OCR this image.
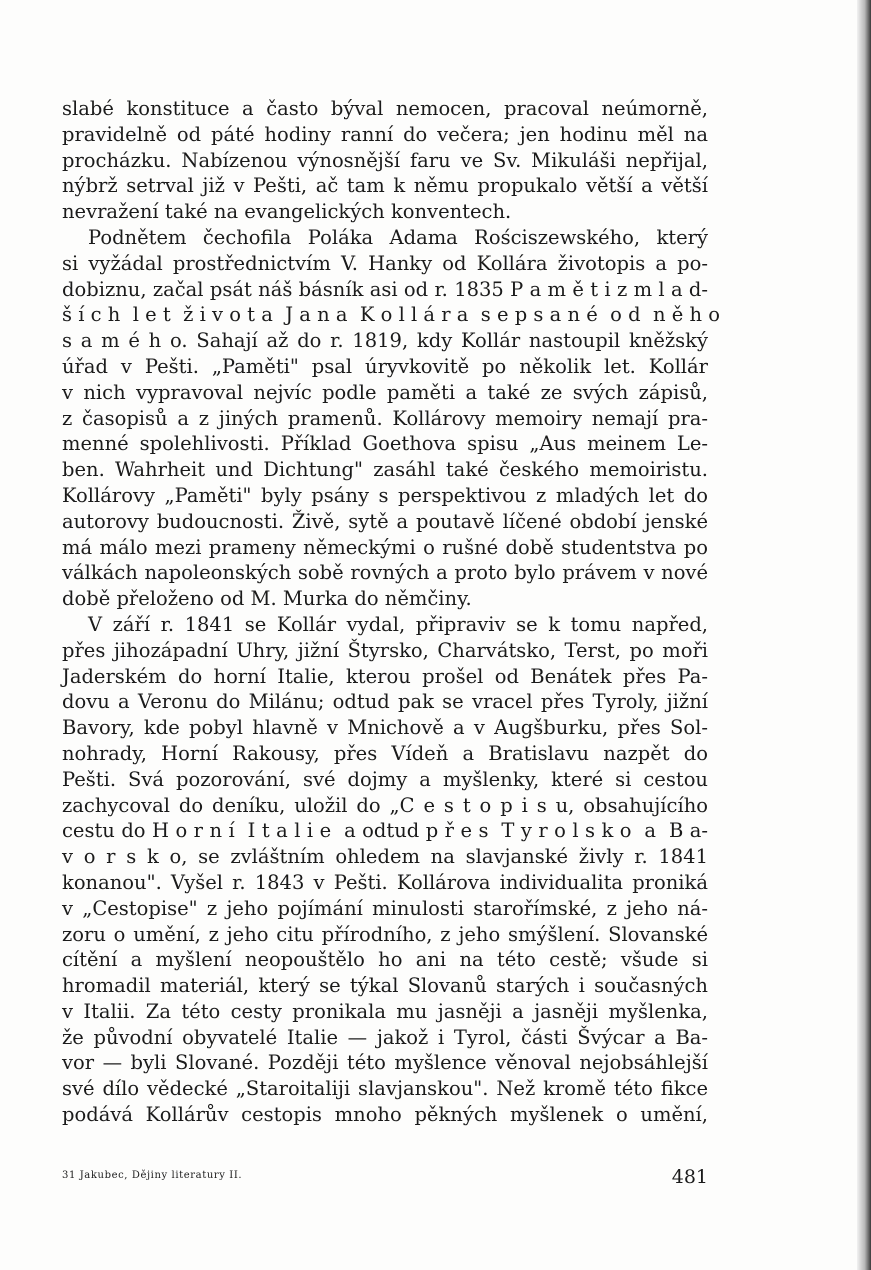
slabé konstituce a často býval nemocen, pracoval neúmorně,
pravidelně od páté hodiny ranní do večera; jen hodinu měl na
procházku. Nabízenou výnosnější faru ve Sv. Mikuláši nepřijal,
nýbrž setrval již v Pešti, ač tam k němu propukalo větší a větší
nevražení také na evangelických konventech.
Podnětem čechofila Poláka Adama Rościszewského, který
si vyžádal prostřednictvím V. Hanky od Kollára životopis a po-
dobiznu, začal psát náš básník asi od r. 1835 P a m ě t i z m l a d-
š í c h  l e t  ž i v o t a  J a n a  K o l l á r a  s e p s a n é  o d  n ě h o
s a m é h o. Sahají až do r. 1819, kdy Kollár nastoupil kněžský
úřad v Pešti. „Paměti" psal úryvkovitě po několik let. Kollár
v nich vypravoval nejvíc podle paměti a také ze svých zápisů,
z časopisů a z jiných pramenů. Kollárovy memoiry nemají pra-
menné spolehlivosti. Příklad Goethova spisu „Aus meinem Le-
ben. Wahrheit und Dichtung" zasáhl také českého memoiristu.
Kollárovy „Paměti" byly psány s perspektivou z mladých let do
autorovy budoucnosti. Živě, sytě a poutavě líčené období jenské
má málo mezi prameny německými o rušné době studentstva po
válkách napoleonských sobě rovných a proto bylo právem v nové
době přeloženo od M. Murka do němčiny.
V září r. 1841 se Kollár vydal, připraviv se k tomu napřed,
přes jihozápadní Uhry, jižní Štyrsko, Charvátsko, Terst, po moři
Jaderském do horní Italie, kterou prošel od Benátek přes Pa-
dovu a Veronu do Milánu; odtud pak se vracel přes Tyroly, jižní
Bavory, kde pobyl hlavně v Mnichově a v Augšburku, přes Sol-
nohrady, Horní Rakousy, přes Vídeň a Bratislavu nazpět do
Pešti. Svá pozorování, své dojmy a myšlenky, které si cestou
zachycoval do deníku, uložil do „C e s t o p i s u, obsahujícího
cestu do H o r n í  I t a l i e  a odtud p ř e s  T y r o l s k o  a  B a-
v o r s k o, se zvláštním ohledem na slavjanské živly r. 1841
konanou". Vyšel r. 1843 v Pešti. Kollárova individualita proniká
v „Cestopise" z jeho pojímání minulosti starořímské, z jeho ná-
zoru o umění, z jeho citu přírodního, z jeho smýšlení. Slovanské
cítění a myšlení neopouštělo ho ani na této cestě; všude si
hromadil materiál, který se týkal Slovanů starých i současných
v Italii. Za této cesty pronikala mu jasněji a jasněji myšlenka,
že původní obyvatelé Italie — jakož i Tyrol, části Švýcar a Ba-
vor — byli Slované. Později této myšlence věnoval nejobsáhlejší
své dílo vědecké „Staroitaliji slavjanskou". Než kromě této fikce
podává Kollárův cestopis mnoho pěkných myšlenek o umění,
31 Jakubec, Dějiny literatury II.	481
